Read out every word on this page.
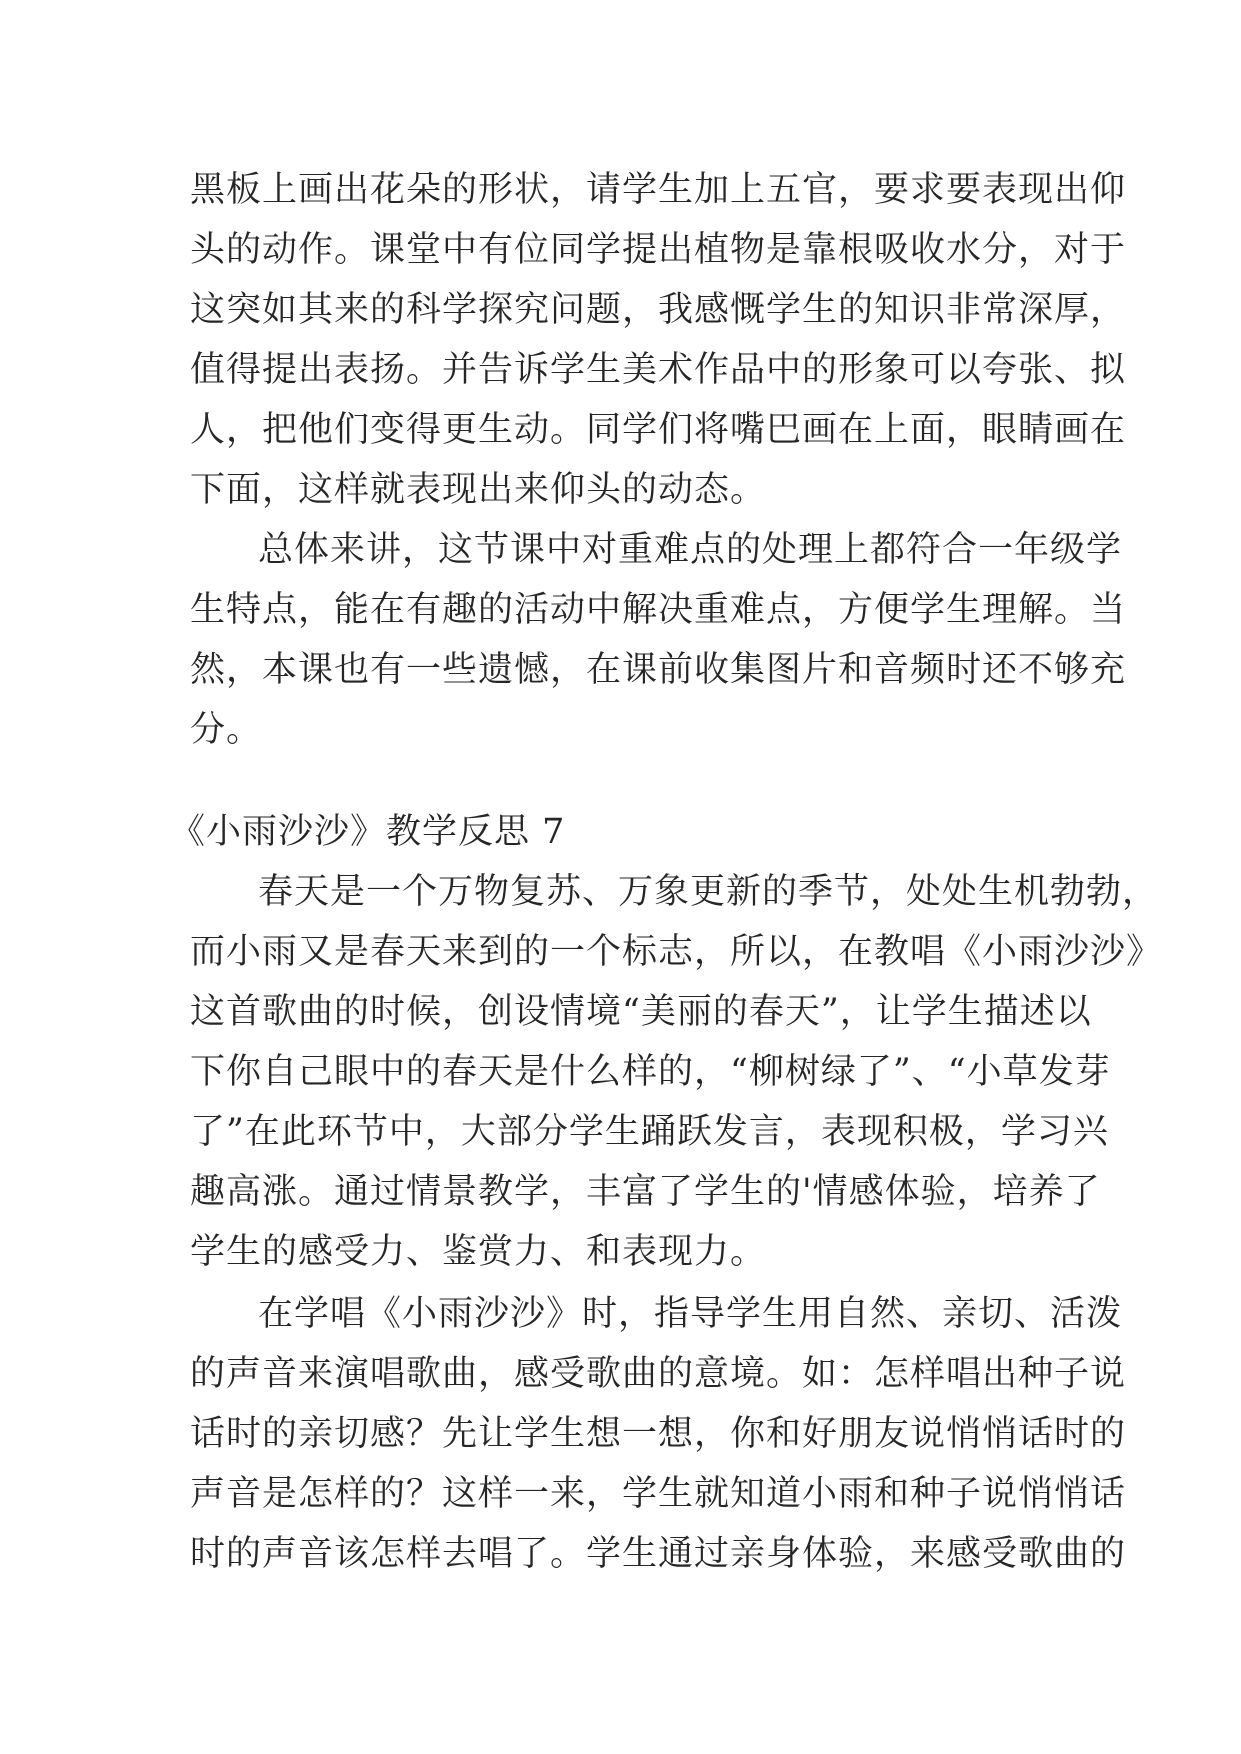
黑板上画出花朵的形状，请学生加上五官，要求要表现出仰
头的动作。课堂中有位同学提出植物是靠根吸收水分，对于
这突如其来的科学探究问题，我感慨学生的知识非常深厚，
值得提出表扬。并告诉学生美术作品中的形象可以夸张、拟
人，把他们变得更生动。同学们将嘴巴画在上面，眼睛画在
下面，这样就表现出来仰头的动态。
总体来讲，这节课中对重难点的处理上都符合一年级学
生特点，能在有趣的活动中解决重难点，方便学生理解。当
然，本课也有一些遗憾，在课前收集图片和音频时还不够充
分。
《小雨沙沙》教学反思 7
春天是一个万物复苏、万象更新的季节，处处生机勃勃，
而小雨又是春天来到的一个标志，所以，在教唱《小雨沙沙》
这首歌曲的时候，创设情境“美丽的春天”，让学生描述以
下你自己眼中的春天是什么样的，“柳树绿了”、“小草发芽
了”在此环节中，大部分学生踊跃发言，表现积极，学习兴
趣高涨。通过情景教学，丰富了学生的'情感体验，培养了
学生的感受力、鉴赏力、和表现力。
在学唱《小雨沙沙》时，指导学生用自然、亲切、活泼
的声音来演唱歌曲，感受歌曲的意境。如：怎样唱出种子说
话时的亲切感？先让学生想一想，你和好朋友说悄悄话时的
声音是怎样的？这样一来，学生就知道小雨和种子说悄悄话
时的声音该怎样去唱了。学生通过亲身体验，来感受歌曲的
